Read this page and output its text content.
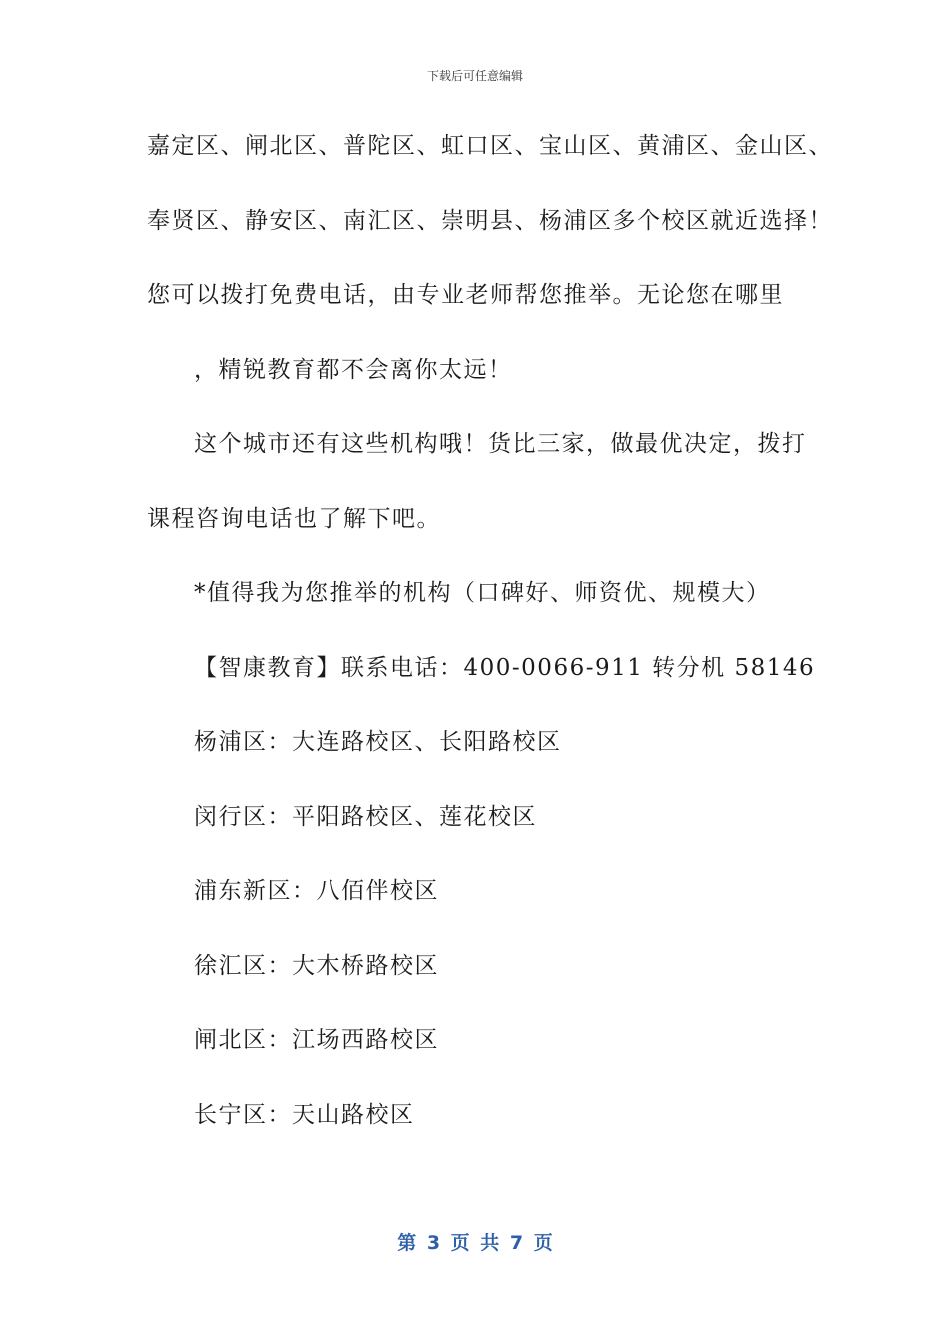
下载后可任意编辑
嘉定区、闸北区、普陀区、虹口区、宝山区、黄浦区、金山区、
奉贤区、静安区、南汇区、崇明县、杨浦区多个校区就近选择！
您可以拨打免费电话，由专业老师帮您推举。无论您在哪里
，精锐教育都不会离你太远！
这个城市还有这些机构哦！货比三家，做最优决定，拨打
课程咨询电话也了解下吧。
*值得我为您推举的机构（口碑好、师资优、规模大）
【智康教育】联系电话：400-0066-911 转分机 58146
杨浦区：大连路校区、长阳路校区
闵行区：平阳路校区、莲花校区
浦东新区：八佰伴校区
徐汇区：大木桥路校区
闸北区：江场西路校区
长宁区：天山路校区
第 3 页 共 7 页
